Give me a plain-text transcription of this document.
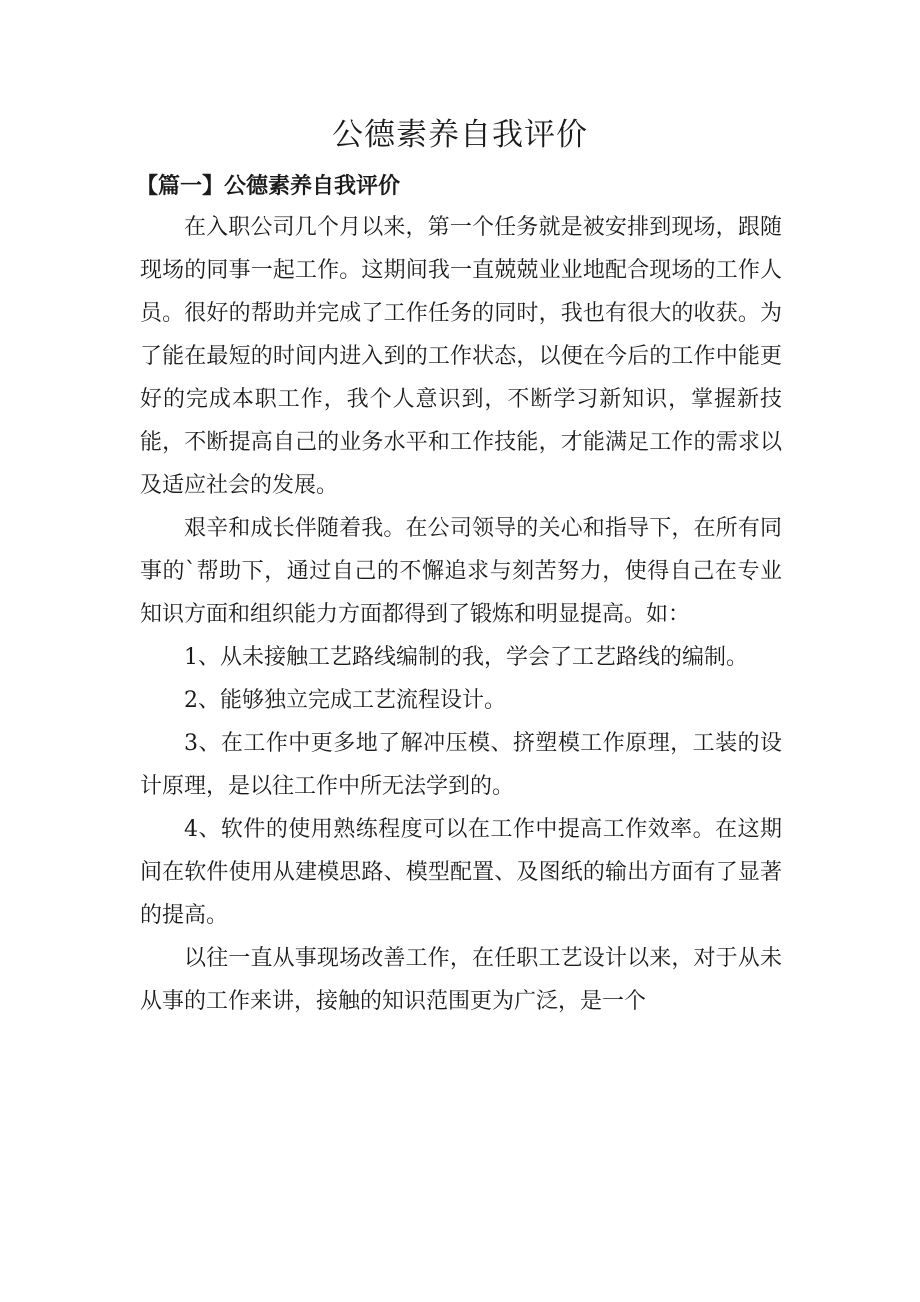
公德素养自我评价
【篇一】公德素养自我评价

在入职公司几个月以来，第一个任务就是被安排到现场，跟随现场的同事一起工作。这期间我一直兢兢业业地配合现场的工作人员。很好的帮助并完成了工作任务的同时，我也有很大的收获。为了能在最短的时间内进入到的工作状态，以便在今后的工作中能更好的完成本职工作，我个人意识到，不断学习新知识，掌握新技能，不断提高自己的业务水平和工作技能，才能满足工作的需求以及适应社会的发展。

艰辛和成长伴随着我。在公司领导的关心和指导下，在所有同事的`帮助下，通过自己的不懈追求与刻苦努力，使得自己在专业知识方面和组织能力方面都得到了锻炼和明显提高。如：

1、从未接触工艺路线编制的我，学会了工艺路线的编制。

2、能够独立完成工艺流程设计。

3、在工作中更多地了解冲压模、挤塑模工作原理，工装的设计原理，是以往工作中所无法学到的。

4、软件的使用熟练程度可以在工作中提高工作效率。在这期间在软件使用从建模思路、模型配置、及图纸的输出方面有了显著的提高。

以往一直从事现场改善工作，在任职工艺设计以来，对于从未从事的工作来讲，接触的知识范围更为广泛，是一个
